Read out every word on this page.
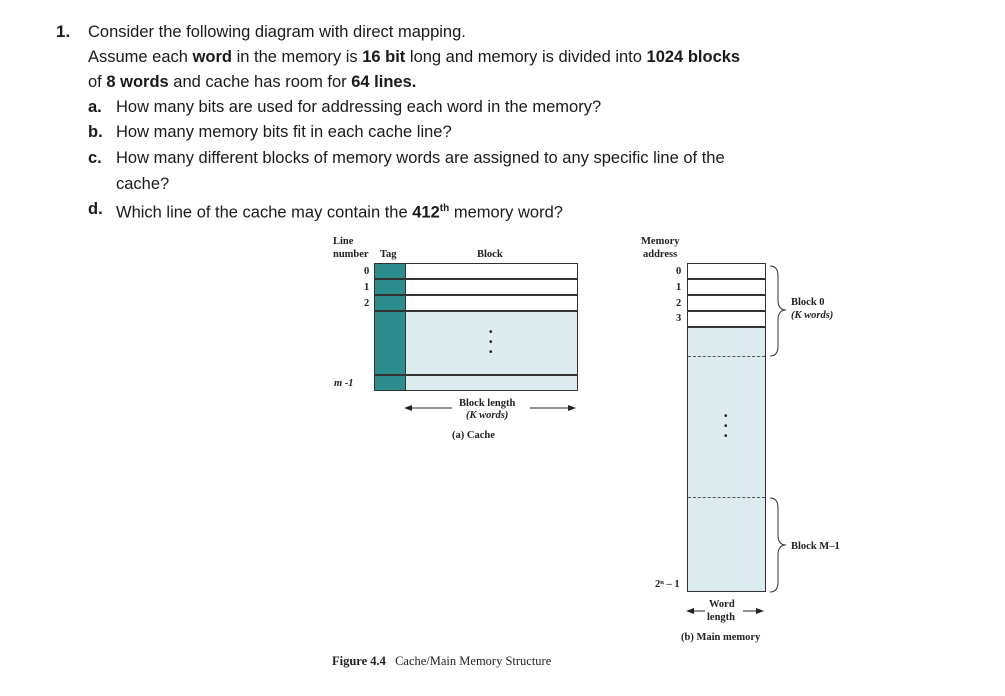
1. Consider the following diagram with direct mapping.
Assume each word in the memory is 16 bit long and memory is divided into 1024 blocks
of 8 words and cache has room for 64 lines.
a. How many bits are used for addressing each word in the memory?
b. How many memory bits fit in each cache line?
c. How many different blocks of memory words are assigned to any specific line of the
cache?
d. Which line of the cache may contain the 412th memory word?
Line
number Tag	Block
0
1
2
m -1
•
•
•
Block length
(K words)
(a) Cache
Memory
address
0
1
2
3
2ⁿ – 1
•
•
•
Block 0
(K words)
Block M–1
Word
length
(b) Main memory
Figure 4.4 Cache/Main Memory Structure
